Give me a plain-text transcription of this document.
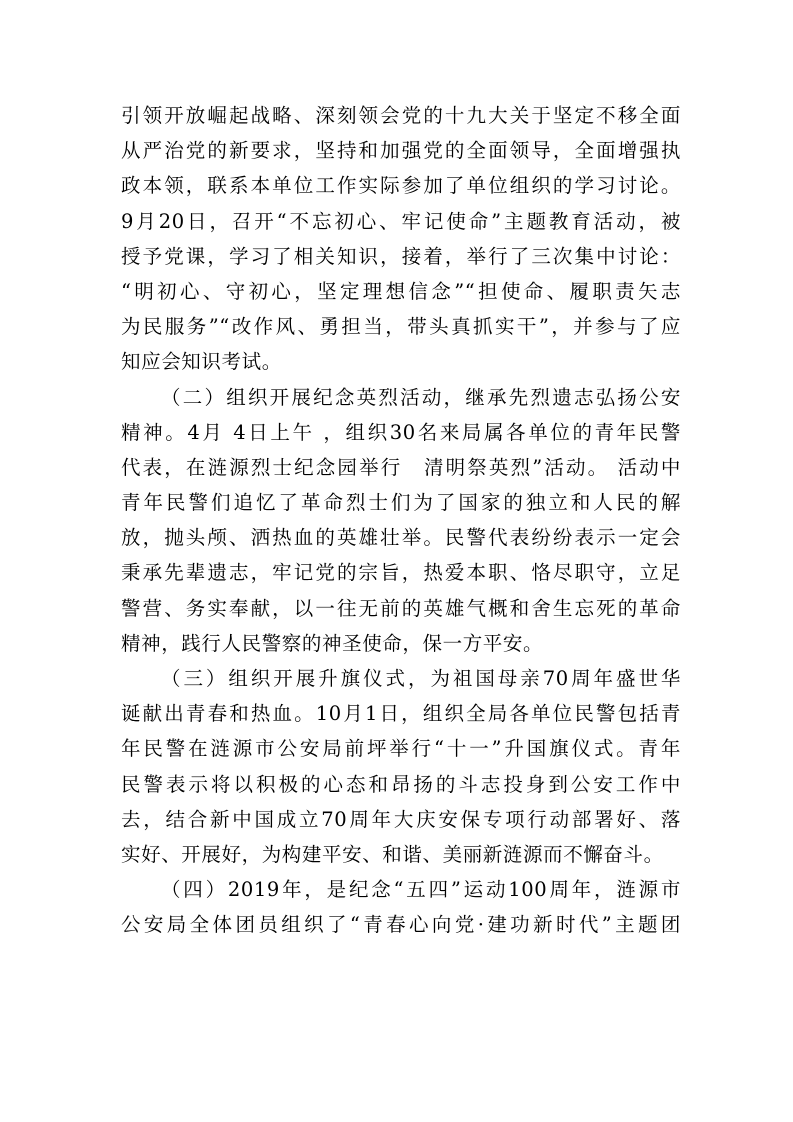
引领开放崛起战略、深刻领会党的十九大关于坚定不移全面
从严治党的新要求，坚持和加强党的全面领导，全面增强执
政本领，联系本单位工作实际参加了单位组织的学习讨论。
9月20日，召开“不忘初心、牢记使命”主题教育活动，被
授予党课，学习了相关知识，接着，举行了三次集中讨论：
“明初心、守初心，坚定理想信念”“担使命、履职责矢志
为民服务”“改作风、勇担当，带头真抓实干”，并参与了应
知应会知识考试。
（二）组织开展纪念英烈活动，继承先烈遗志弘扬公安
精神。4月 4日上午 ，组织30名来局属各单位的青年民警
代表，在涟源烈士纪念园举行　清明祭英烈”活动。 活动中
青年民警们追忆了革命烈士们为了国家的独立和人民的解
放，抛头颅、洒热血的英雄壮举。民警代表纷纷表示一定会
秉承先辈遗志，牢记党的宗旨，热爱本职、恪尽职守，立足
警营、务实奉献，以一往无前的英雄气概和舍生忘死的革命
精神，践行人民警察的神圣使命，保一方平安。
（三）组织开展升旗仪式，为祖国母亲70周年盛世华
诞献出青春和热血。10月1日，组织全局各单位民警包括青
年民警在涟源市公安局前坪举行“十一”升国旗仪式。青年
民警表示将以积极的心态和昂扬的斗志投身到公安工作中
去，结合新中国成立70周年大庆安保专项行动部署好、落
实好、开展好，为构建平安、和谐、美丽新涟源而不懈奋斗。
（四）2019年，是纪念“五四”运动100周年，涟源市
公安局全体团员组织了“青春心向党·建功新时代”主题团
